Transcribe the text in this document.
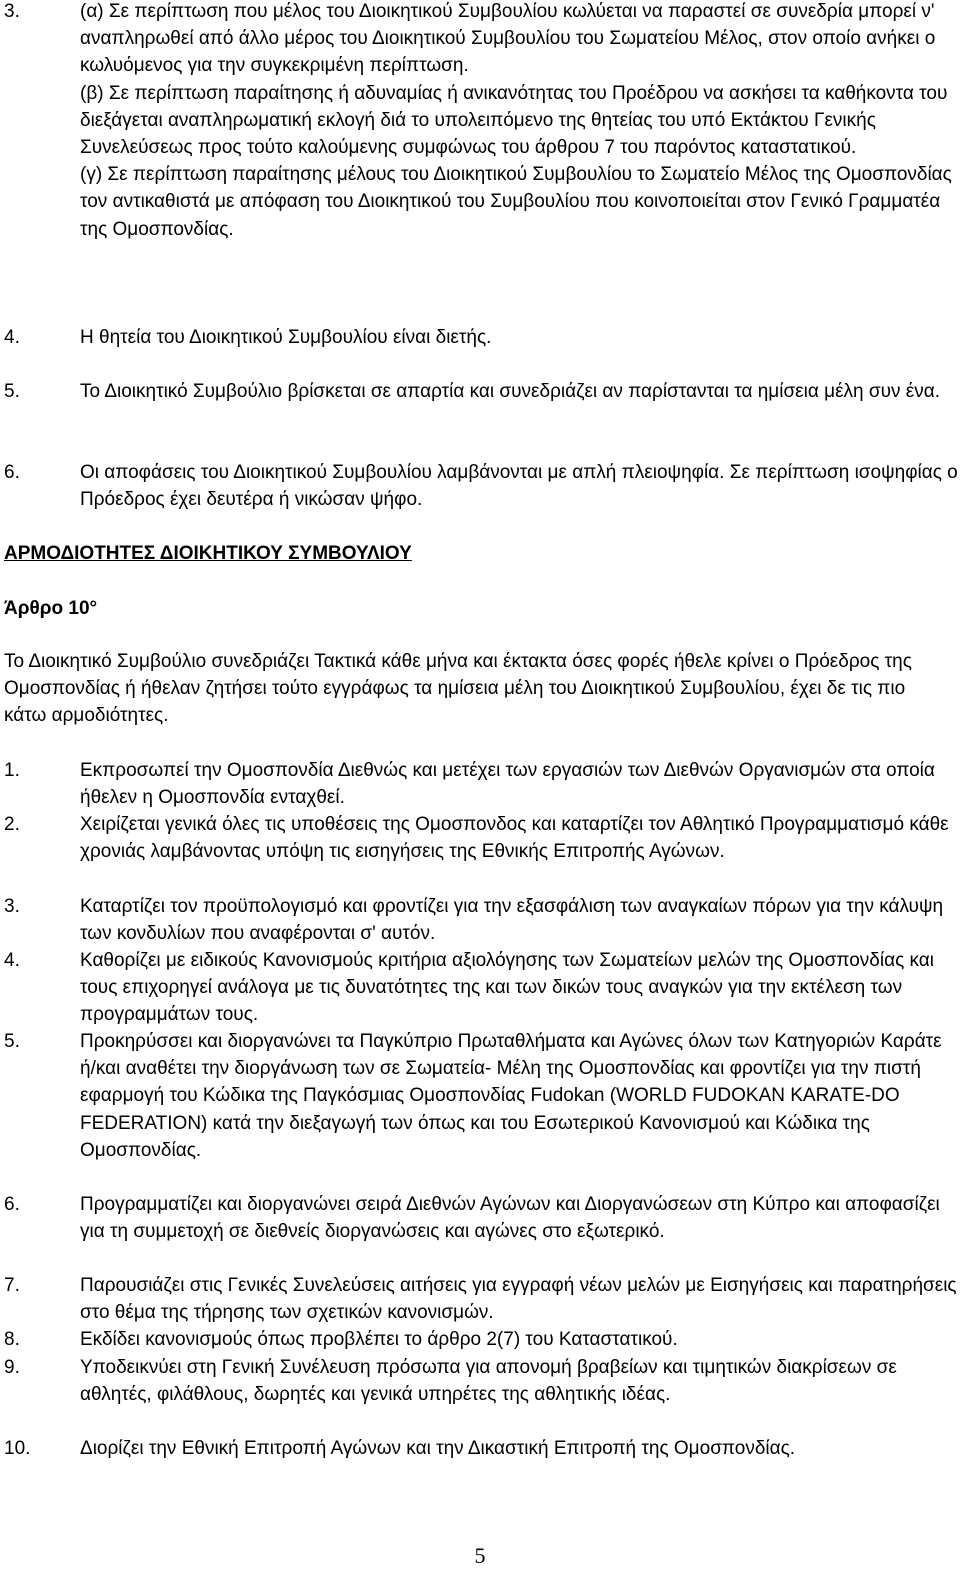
3.	(α) Σε περίπτωση που μέλος του Διοικητικού Συμβουλίου κωλύεται να παραστεί σε συνεδρία μπορεί ν' αναπληρωθεί από άλλο μέρος του Διοικητικού Συμβουλίου του Σωματείου Μέλος, στον οποίο ανήκει ο κωλυόμενος για την συγκεκριμένη περίπτωση.

(β) Σε περίπτωση παραίτησης ή αδυναμίας ή ανικανότητας του Προέδρου να ασκήσει τα καθήκοντα του διεξάγεται αναπληρωματική εκλογή διά το υπολειπόμενο της θητείας του υπό Εκτάκτου Γενικής Συνελεύσεως προς τούτο καλούμενης συμφώνως του άρθρου 7 του παρόντος καταστατικού.

(γ) Σε περίπτωση παραίτησης μέλους του Διοικητικού Συμβουλίου το Σωματείο Μέλος της Ομοσπονδίας τον αντικαθιστά με απόφαση του Διοικητικού του Συμβουλίου που κοινοποιείται στον Γενικό Γραμματέα της Ομοσπονδίας.

4.	Η θητεία του Διοικητικού Συμβουλίου είναι διετής.
5.	Το Διοικητικό Συμβούλιο βρίσκεται σε απαρτία και συνεδριάζει αν παρίστανται τα ημίσεια μέλη συν ένα.
6.	Οι αποφάσεις του Διοικητικού Συμβουλίου λαμβάνονται με απλή πλειοψηφία. Σε περίπτωση ισοψηφίας ο Πρόεδρος έχει δευτέρα ή νικώσαν ψήφο.
ΑΡΜΟΔΙΟΤΗΤΕΣ ΔΙΟΙΚΗΤΙΚΟΥ ΣΥΜΒΟΥΛΙΟΥ
Άρθρο 10°
Το Διοικητικό Συμβούλιο συνεδριάζει Τακτικά κάθε μήνα και έκτακτα όσες φορές ήθελε κρίνει ο Πρόεδρος της Ομοσπονδίας ή ήθελαν ζητήσει τούτο εγγράφως τα ημίσεια μέλη του Διοικητικού Συμβουλίου, έχει δε τις πιο κάτω αρμοδιότητες.
1.	Εκπροσωπεί την Ομοσπονδία Διεθνώς και μετέχει των εργασιών των Διεθνών Οργανισμών στα οποία ήθελεν η Ομοσπονδία ενταχθεί.
2.	Χειρίζεται γενικά όλες τις υποθέσεις της Ομοσπονδος και καταρτίζει τον Αθλητικό Προγραμματισμό κάθε χρονιάς λαμβάνοντας υπόψη τις εισηγήσεις της Εθνικής Επιτροπής Αγώνων.
3.	Καταρτίζει τον προϋπολογισμό και φροντίζει για την εξασφάλιση των αναγκαίων πόρων για την κάλυψη των κονδυλίων που αναφέρονται σ' αυτόν.
4.	Καθορίζει με ειδικούς Κανονισμούς κριτήρια αξιολόγησης των Σωματείων μελών της Ομοσπονδίας και τους επιχορηγεί ανάλογα με τις δυνατότητες της και των δικών τους αναγκών για την εκτέλεση των προγραμμάτων τους.
5.	Προκηρύσσει και διοργανώνει τα Παγκύπριο Πρωταθλήματα και Αγώνες όλων των Κατηγοριών Καράτε ή/και αναθέτει την διοργάνωση των σε Σωματεία- Μέλη της Ομοσπονδίας και φροντίζει για την πιστή εφαρμογή του Κώδικα της Παγκόσμιας Ομοσπονδίας Fudokan (WORLD FUDOKAN KARATE-DO FEDERATION) κατά την διεξαγωγή των όπως και του Εσωτερικού Κανονισμού και Κώδικα της Ομοσπονδίας.
6.	Προγραμματίζει και διοργανώνει σειρά Διεθνών Αγώνων και Διοργανώσεων στη Κύπρο και αποφασίζει για τη συμμετοχή σε διεθνείς διοργανώσεις και αγώνες στο εξωτερικό.
7.	Παρουσιάζει στις Γενικές Συνελεύσεις αιτήσεις για εγγραφή νέων μελών με Εισηγήσεις και παρατηρήσεις στο θέμα της τήρησης των σχετικών κανονισμών.
8.	Εκδίδει κανονισμούς όπως προβλέπει το άρθρο 2(7) του Καταστατικού.
9.	Υποδεικνύει στη Γενική Συνέλευση πρόσωπα για απονομή βραβείων και τιμητικών διακρίσεων σε αθλητές, φιλάθλους, δωρητές και γενικά υπηρέτες της αθλητικής ιδέας.
10.	Διορίζει την Εθνική Επιτροπή Αγώνων και την Δικαστική Επιτροπή της Ομοσπονδίας.
5
